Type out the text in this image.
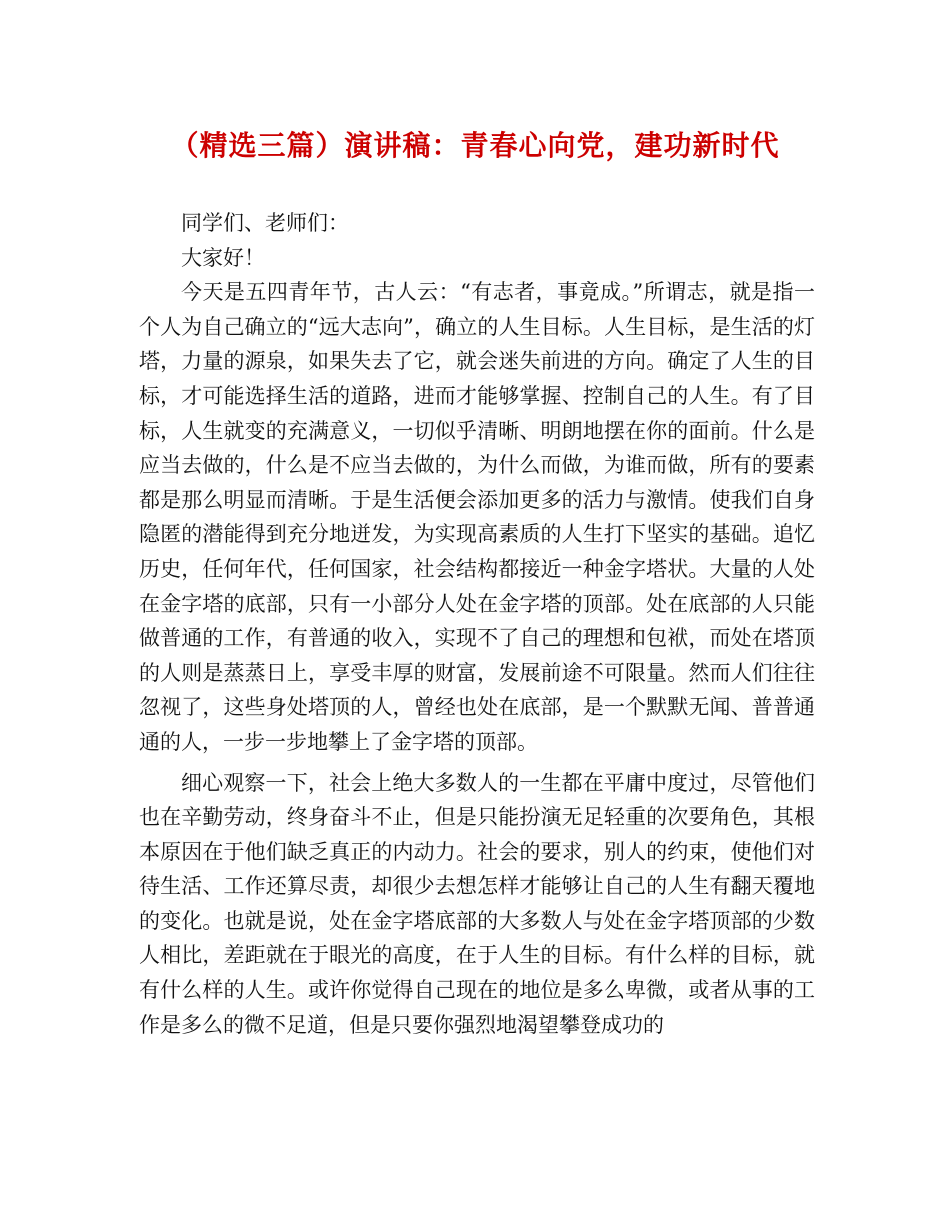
（精选三篇）演讲稿：青春心向党，建功新时代

同学们、老师们：

大家好！

今天是五四青年节，古人云：“有志者，事竟成。”所谓志，就是指一个人为自己确立的“远大志向”，确立的人生目标。人生目标，是生活的灯塔，力量的源泉，如果失去了它，就会迷失前进的方向。确定了人生的目标，才可能选择生活的道路，进而才能够掌握、控制自己的人生。有了目标，人生就变的充满意义，一切似乎清晰、明朗地摆在你的面前。什么是应当去做的，什么是不应当去做的，为什么而做，为谁而做，所有的要素都是那么明显而清晰。于是生活便会添加更多的活力与激情。使我们自身隐匿的潜能得到充分地迸发，为实现高素质的人生打下坚实的基础。追忆历史，任何年代，任何国家，社会结构都接近一种金字塔状。大量的人处在金字塔的底部，只有一小部分人处在金字塔的顶部。处在底部的人只能做普通的工作，有普通的收入，实现不了自己的理想和包袱，而处在塔顶的人则是蒸蒸日上，享受丰厚的财富，发展前途不可限量。然而人们往往忽视了，这些身处塔顶的人，曾经也处在底部，是一个默默无闻、普普通通的人，一步一步地攀上了金字塔的顶部。

细心观察一下，社会上绝大多数人的一生都在平庸中度过，尽管他们也在辛勤劳动，终身奋斗不止，但是只能扮演无足轻重的次要角色，其根本原因在于他们缺乏真正的内动力。社会的要求，别人的约束，使他们对待生活、工作还算尽责，却很少去想怎样才能够让自己的人生有翻天覆地的变化。也就是说，处在金字塔底部的大多数人与处在金字塔顶部的少数人相比，差距就在于眼光的高度，在于人生的目标。有什么样的目标，就有什么样的人生。或许你觉得自己现在的地位是多么卑微，或者从事的工作是多么的微不足道，但是只要你强烈地渴望攀登成功的
